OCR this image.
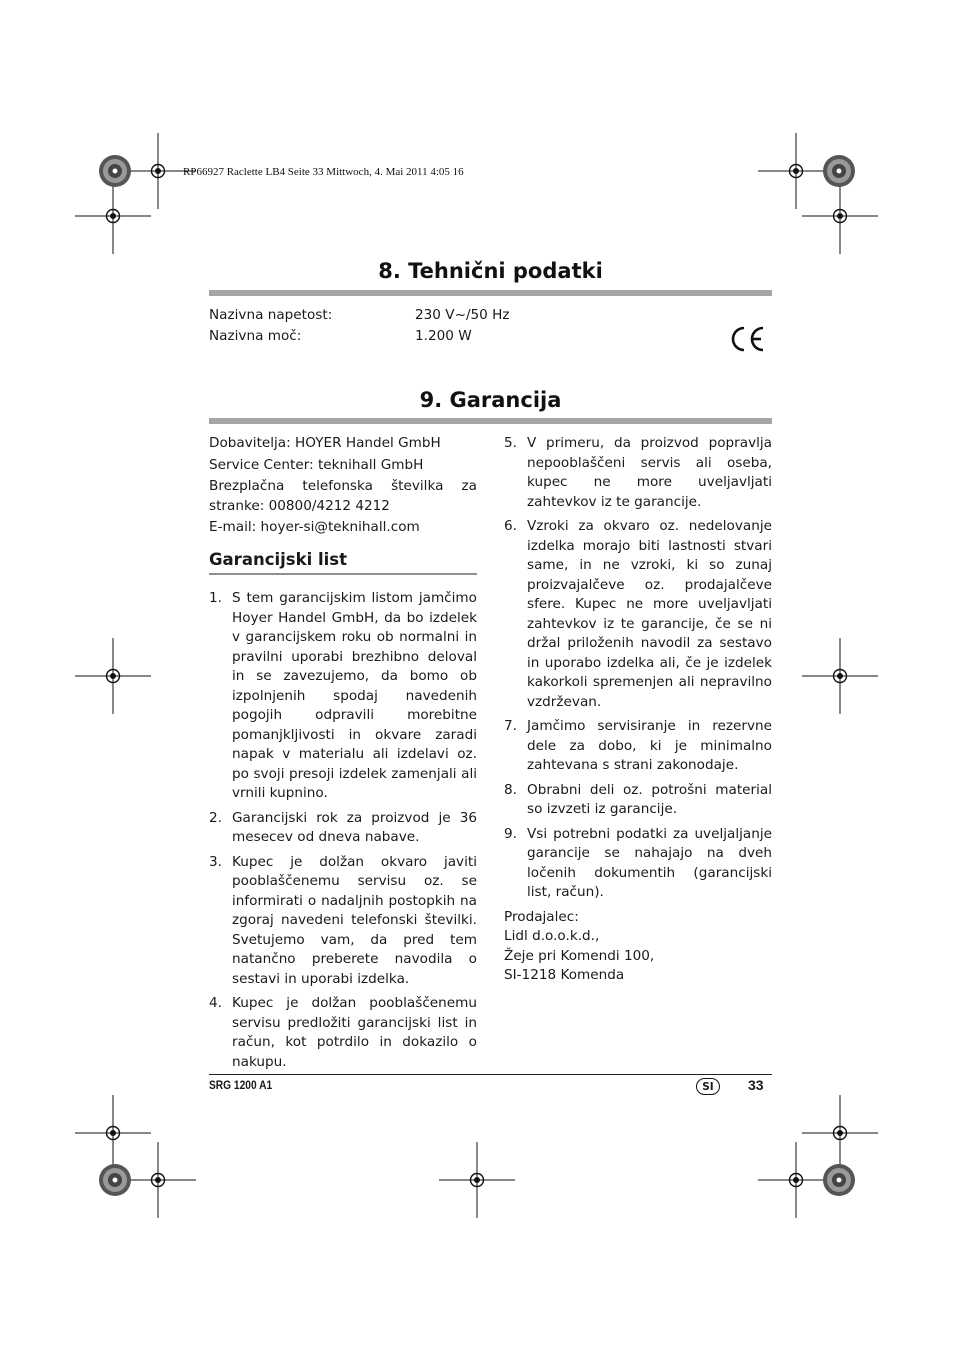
RP66927 Raclette LB4 Seite 33 Mittwoch, 4. Mai 2011 4:05 16
8. Tehnični podatki
Nazivna napetost:	230 V~/50 Hz
Nazivna moč:	1.200 W
9. Garancija

Dobavitelja: HOYER Handel GmbH

Service Center: teknihall GmbH

Brezplačna telefonska številka za stranke: 00800/4212 4212

E-mail: hoyer-si@teknihall.com

Garancijski list
1. S tem garancijskim listom jamčimo Hoyer Handel GmbH, da bo izdelek v garancijskem roku ob normalni in pravilni uporabi brezhibno deloval in se zavezujemo, da bomo ob izpolnjenih spodaj navedenih pogojih odpravili morebitne pomanjkljivosti in okvare zaradi napak v materialu ali izdelavi oz. po svoji presoji izdelek zamenjali ali vrnili kupnino.
2. Garancijski rok za proizvod je 36 mesecev od dneva nabave.
3. Kupec je dolžan okvaro javiti pooblaščenemu servisu oz. se informirati o nadaljnih postopkih na zgoraj navedeni telefonski številki. Svetujemo vam, da pred tem natančno preberete navodila o sestavi in uporabi izdelka.
4. Kupec je dolžan pooblaščenemu servisu predložiti garancijski list in račun, kot potrdilo in dokazilo o nakupu.
5. V primeru, da proizvod popravlja nepooblaščeni servis ali oseba, kupec ne more uveljavljati zahtevkov iz te garancije.
6. Vzroki za okvaro oz. nedelovanje izdelka morajo biti lastnosti stvari same, in ne vzroki, ki so zunaj proizvajalčeve oz. prodajalčeve sfere. Kupec ne more uveljavljati zahtevkov iz te garancije, če se ni držal priloženih navodil za sestavo in uporabo izdelka ali, če je izdelek kakorkoli spremenjen ali nepravilno vzdrževan.
7. Jamčimo servisiranje in rezervne dele za dobo, ki je minimalno zahtevana s strani zakonodaje.
8. Obrabni deli oz. potrošni material so izvzeti iz garancije.
9. Vsi potrebni podatki za uveljaljanje garancije se nahajajo na dveh ločenih dokumentih (garancijski list, račun).
Prodajalec:
Lidl d.o.o.k.d.,
Žeje pri Komendi 100,
SI-1218 Komenda
SRG 1200 A1	SI	33
